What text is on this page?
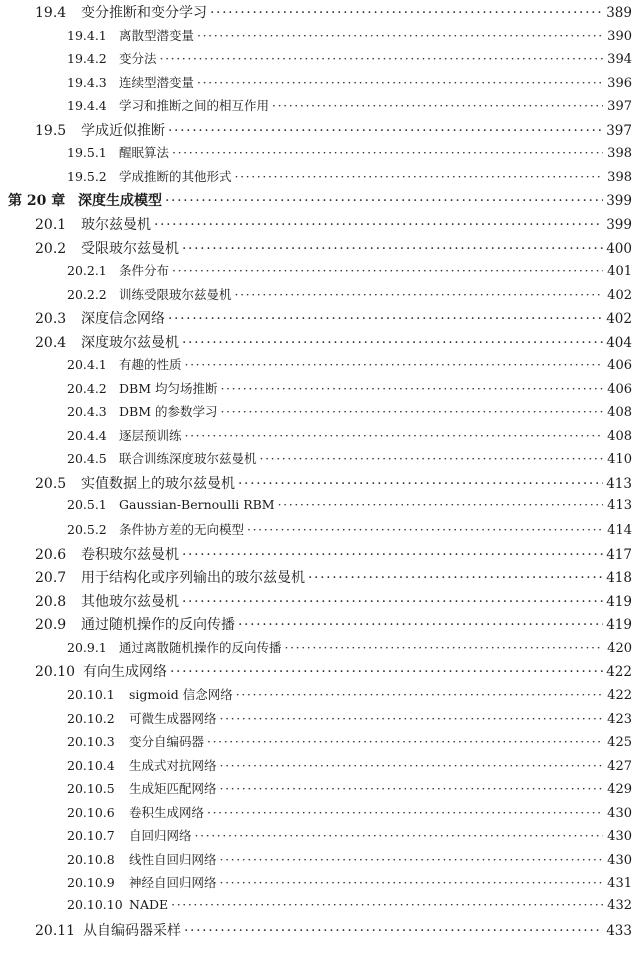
19.4	变分推断和变分学习 ·····	389
19.4.1 离散型潜变量 ·····	390
19.4.2 变分法 ·····	394
19.4.3 连续型潜变量 ·····	396
19.4.4 学习和推断之间的相互作用 ·····	397
19.5	学成近似推断 ·····	397
19.5.1 醒眠算法 ·····	398
19.5.2 学成推断的其他形式 ·····	398
第 20 章 深度生成模型 ·····	399
20.1	玻尔兹曼机 ·····	399
20.2	受限玻尔兹曼机 ·····	400
20.2.1 条件分布 ·····	401
20.2.2 训练受限玻尔兹曼机 ·····	402
20.3	深度信念网络 ·····	402
20.4	深度玻尔兹曼机 ·····	404
20.4.1 有趣的性质 ·····	406
20.4.2 DBM 均匀场推断 ·····	406
20.4.3 DBM 的参数学习 ·····	408
20.4.4 逐层预训练 ·····	408
20.4.5 联合训练深度玻尔兹曼机 ·····	410
20.5	实值数据上的玻尔兹曼机 ·····	413
20.5.1 Gaussian-Bernoulli RBM ·····	413
20.5.2 条件协方差的无向模型 ·····	414
20.6	卷积玻尔兹曼机 ·····	417
20.7	用于结构化或序列输出的玻尔兹曼机 ·····	418
20.8	其他玻尔兹曼机 ·····	419
20.9	通过随机操作的反向传播 ·····	419
20.9.1 通过离散随机操作的反向传播 ·····	420
20.10 有向生成网络 ·····	422
20.10.1	sigmoid 信念网络 ·····	422
20.10.2	可微生成器网络 ·····	423
20.10.3	变分自编码器 ·····	425
20.10.4	生成式对抗网络 ·····	427
20.10.5	生成矩匹配网络 ·····	429
20.10.6	卷积生成网络 ·····	430
20.10.7	自回归网络 ·····	430
20.10.8	线性自回归网络 ·····	430
20.10.9	神经自回归网络 ·····	431
20.10.10 NADE ·····	432
20.11 从自编码器采样 ·····	433
